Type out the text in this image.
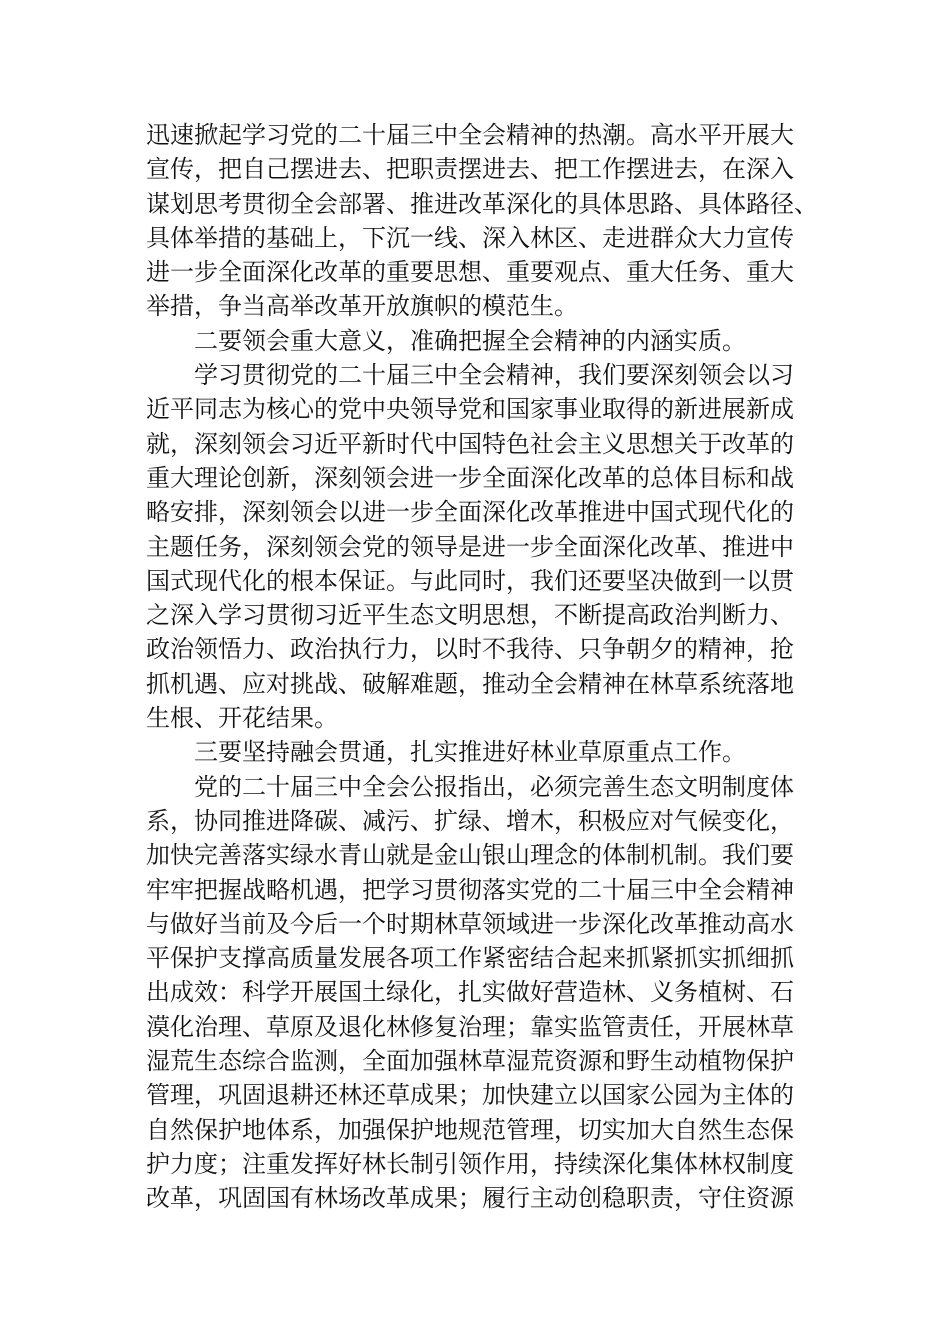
迅速掀起学习党的二十届三中全会精神的热潮。高水平开展大
宣传，把自己摆进去、把职责摆进去、把工作摆进去，在深入
谋划思考贯彻全会部署、推进改革深化的具体思路、具体路径、
具体举措的基础上，下沉一线、深入林区、走进群众大力宣传
进一步全面深化改革的重要思想、重要观点、重大任务、重大
举措，争当高举改革开放旗帜的模范生。
二要领会重大意义，准确把握全会精神的内涵实质。
学习贯彻党的二十届三中全会精神，我们要深刻领会以习
近平同志为核心的党中央领导党和国家事业取得的新进展新成
就，深刻领会习近平新时代中国特色社会主义思想关于改革的
重大理论创新，深刻领会进一步全面深化改革的总体目标和战
略安排，深刻领会以进一步全面深化改革推进中国式现代化的
主题任务，深刻领会党的领导是进一步全面深化改革、推进中
国式现代化的根本保证。与此同时，我们还要坚决做到一以贯
之深入学习贯彻习近平生态文明思想，不断提高政治判断力、
政治领悟力、政治执行力，以时不我待、只争朝夕的精神，抢
抓机遇、应对挑战、破解难题，推动全会精神在林草系统落地
生根、开花结果。
三要坚持融会贯通，扎实推进好林业草原重点工作。
党的二十届三中全会公报指出，必须完善生态文明制度体
系，协同推进降碳、减污、扩绿、增木，积极应对气候变化，
加快完善落实绿水青山就是金山银山理念的体制机制。我们要
牢牢把握战略机遇，把学习贯彻落实党的二十届三中全会精神
与做好当前及今后一个时期林草领域进一步深化改革推动高水
平保护支撑高质量发展各项工作紧密结合起来抓紧抓实抓细抓
出成效：科学开展国土绿化，扎实做好营造林、义务植树、石
漠化治理、草原及退化林修复治理；靠实监管责任，开展林草
湿荒生态综合监测，全面加强林草湿荒资源和野生动植物保护
管理，巩固退耕还林还草成果；加快建立以国家公园为主体的
自然保护地体系，加强保护地规范管理，切实加大自然生态保
护力度；注重发挥好林长制引领作用，持续深化集体林权制度
改革，巩固国有林场改革成果；履行主动创稳职责，守住资源
